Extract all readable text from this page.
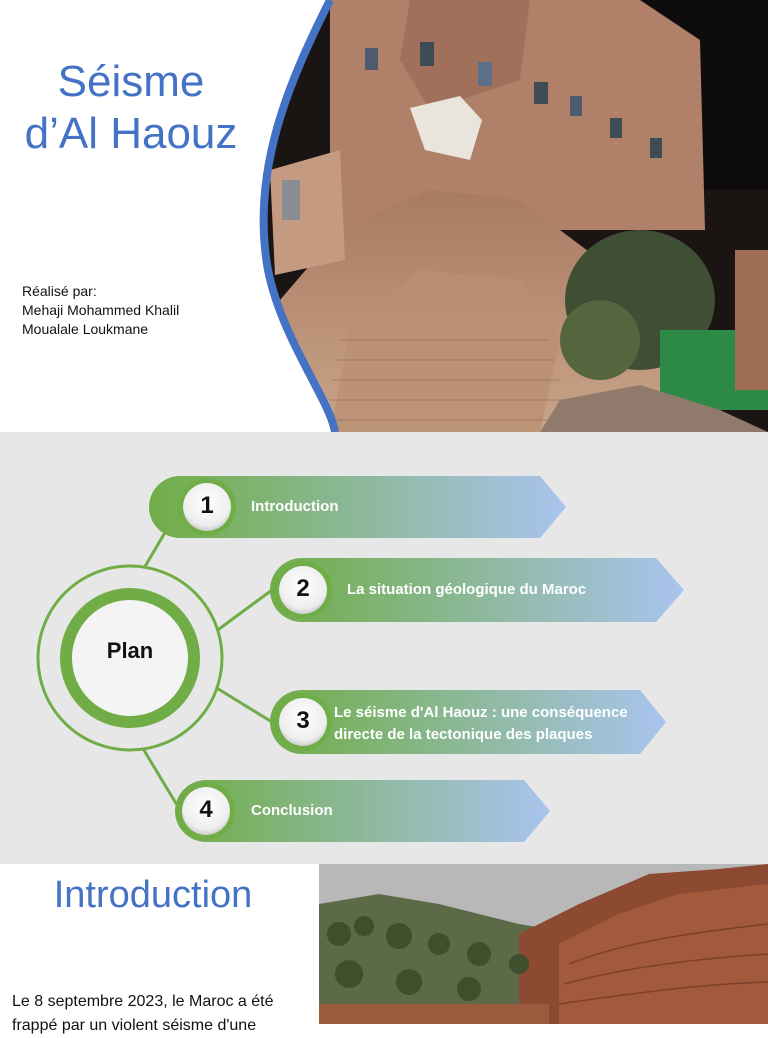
Séisme
d’Al Haouz
Réalisé par:
Mehaji Mohammed Khalil
Moualale Loukmane
Plan
1	Introduction
2	La situation géologique du Maroc
3	Le séisme d'Al Haouz : une conséquence
directe de la tectonique des plaques
4	Conclusion
Introduction
Le 8 septembre 2023, le Maroc a été frappé par un violent séisme d'une
